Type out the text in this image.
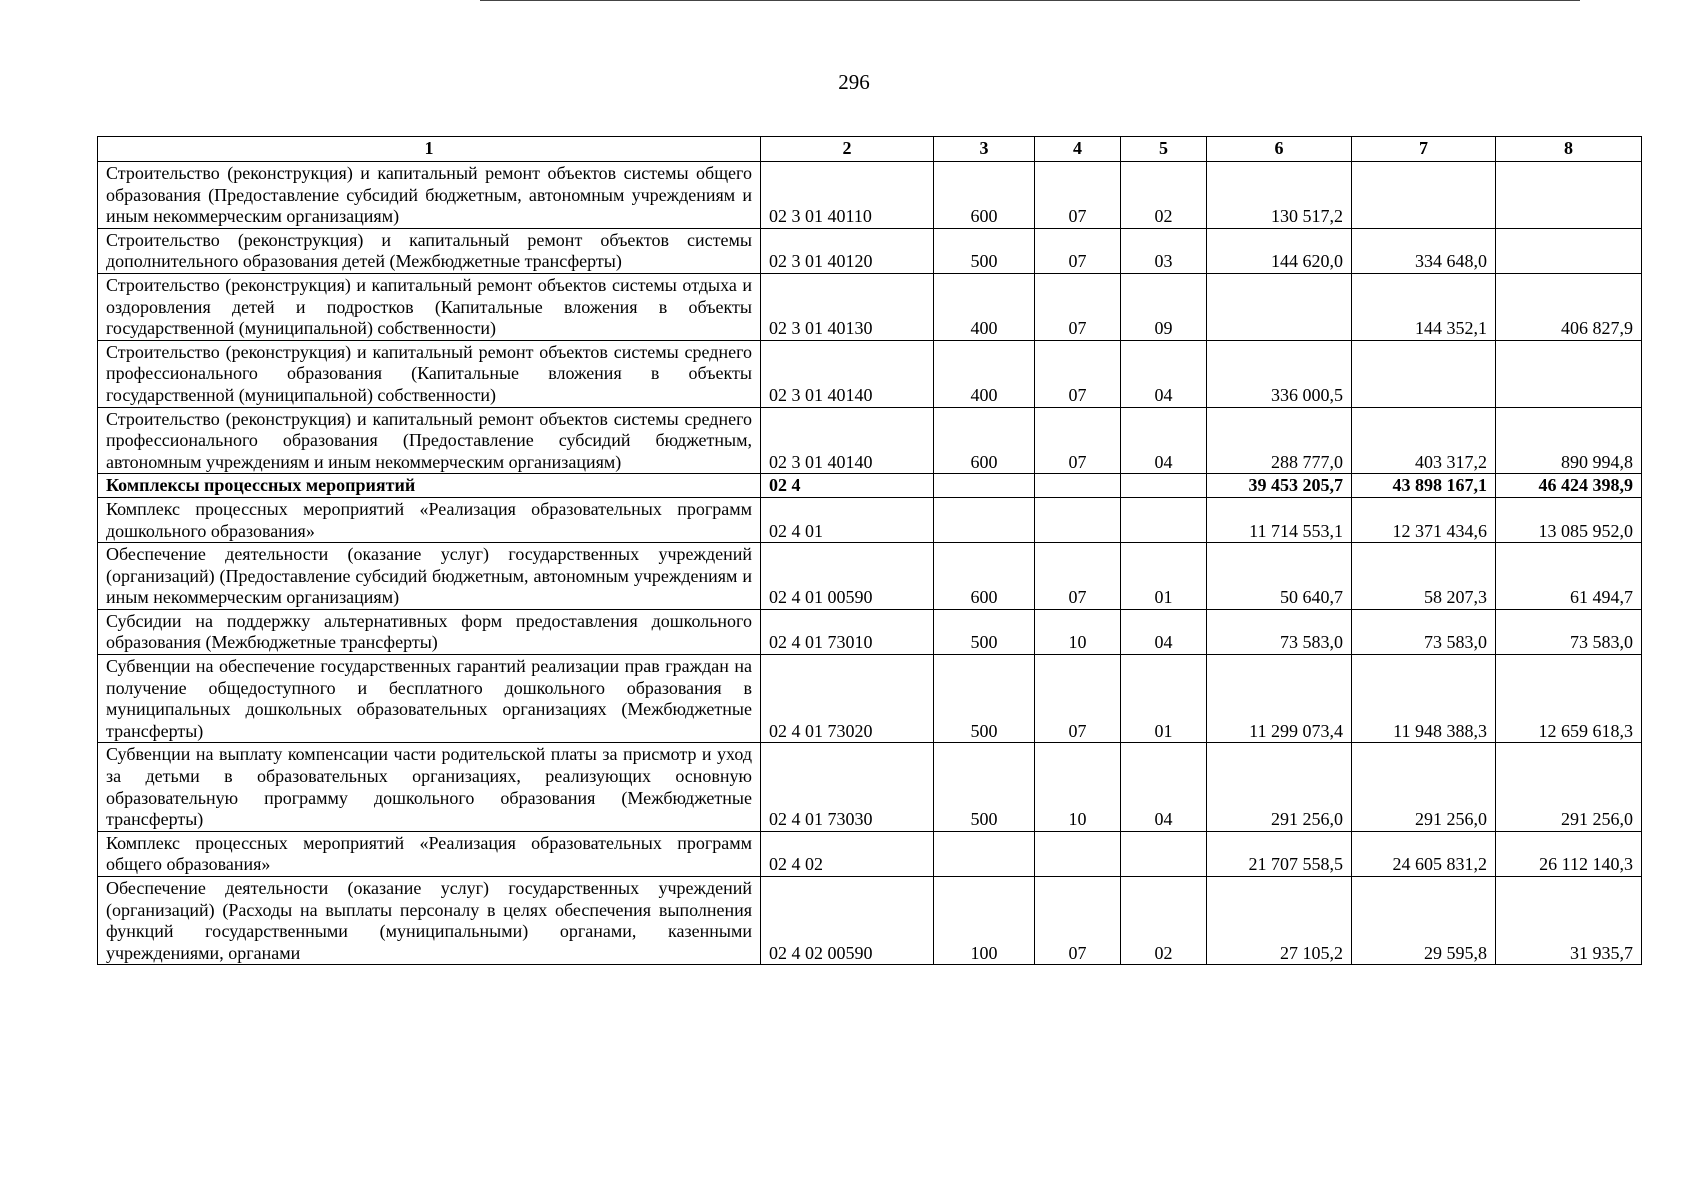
296
1	2	3	4	5	6	7	8
Строительство (реконструкция) и капитальный ремонт объектов системы общего образования (Предоставление субсидий бюджетным, автономным учреждениям и иным некоммерческим организациям)	02 3 01 40110	600	07	02	130 517,2		
Строительство (реконструкция) и капитальный ремонт объектов системы дополнительного образования детей (Межбюджетные трансферты)	02 3 01 40120	500	07	03	144 620,0	334 648,0	
Строительство (реконструкция) и капитальный ремонт объектов системы отдыха и оздоровления детей и подростков (Капитальные вложения в объекты государственной (муниципальной) собственности)	02 3 01 40130	400	07	09		144 352,1	406 827,9
Строительство (реконструкция) и капитальный ремонт объектов системы среднего профессионального образования (Капитальные вложения в объекты государственной (муниципальной) собственности)	02 3 01 40140	400	07	04	336 000,5		
Строительство (реконструкция) и капитальный ремонт объектов системы среднего профессионального образования (Предоставление субсидий бюджетным, автономным учреждениям и иным некоммерческим организациям)	02 3 01 40140	600	07	04	288 777,0	403 317,2	890 994,8
Комплексы процессных мероприятий	02 4				39 453 205,7	43 898 167,1	46 424 398,9
Комплекс процессных мероприятий «Реализация образовательных программ дошкольного образования»	02 4 01				11 714 553,1	12 371 434,6	13 085 952,0
Обеспечение деятельности (оказание услуг) государственных учреждений (организаций) (Предоставление субсидий бюджетным, автономным учреждениям и иным некоммерческим организациям)	02 4 01 00590	600	07	01	50 640,7	58 207,3	61 494,7
Субсидии на поддержку альтернативных форм предоставления дошкольного образования (Межбюджетные трансферты)	02 4 01 73010	500	10	04	73 583,0	73 583,0	73 583,0
Субвенции на обеспечение государственных гарантий реализации прав граждан на получение общедоступного и бесплатного дошкольного образования в муниципальных дошкольных образовательных организациях (Межбюджетные трансферты)	02 4 01 73020	500	07	01	11 299 073,4	11 948 388,3	12 659 618,3
Субвенции на выплату компенсации части родительской платы за присмотр и уход за детьми в образовательных организациях, реализующих основную образовательную программу дошкольного образования (Межбюджетные трансферты)	02 4 01 73030	500	10	04	291 256,0	291 256,0	291 256,0
Комплекс процессных мероприятий «Реализация образовательных программ общего образования»	02 4 02				21 707 558,5	24 605 831,2	26 112 140,3
Обеспечение деятельности (оказание услуг) государственных учреждений (организаций) (Расходы на выплаты персоналу в целях обеспечения выполнения функций государственными (муниципальными) органами, казенными учреждениями, органами	02 4 02 00590	100	07	02	27 105,2	29 595,8	31 935,7
